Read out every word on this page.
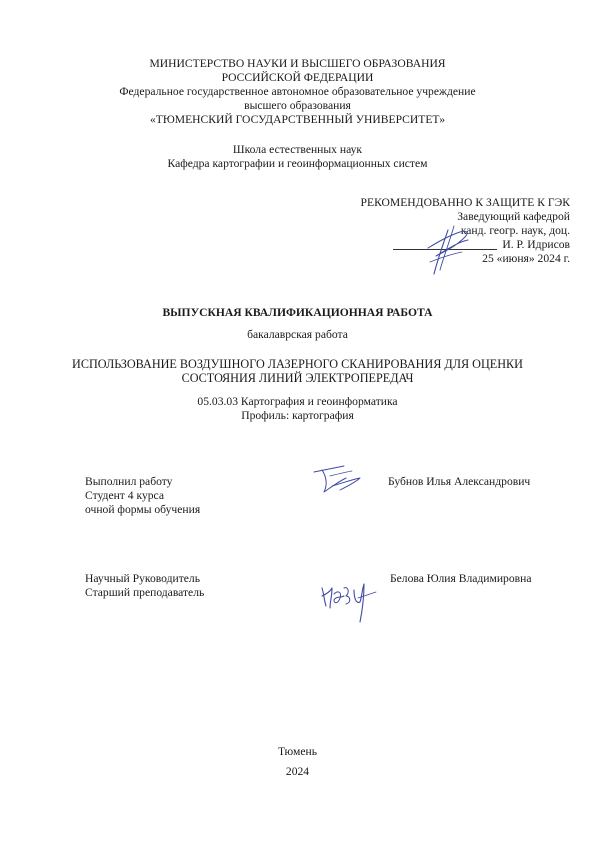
МИНИСТЕРСТВО НАУКИ И ВЫСШЕГО ОБРАЗОВАНИЯ
РОССИЙСКОЙ ФЕДЕРАЦИИ
Федеральное государственное автономное образовательное учреждение
высшего образования
«ТЮМЕНСКИЙ ГОСУДАРСТВЕННЫЙ УНИВЕРСИТЕТ»
Школа естественных наук
Кафедра картографии и геоинформационных систем
РЕКОМЕНДОВАННО К ЗАЩИТЕ К ГЭК
Заведующий кафедрой
канд. геогр. наук, доц.
И. Р. Идрисов
25 «июня» 2024 г.
ВЫПУСКНАЯ КВАЛИФИКАЦИОННАЯ РАБОТА
бакалаврская работа
ИСПОЛЬЗОВАНИЕ ВОЗДУШНОГО ЛАЗЕРНОГО СКАНИРОВАНИЯ ДЛЯ ОЦЕНКИ
СОСТОЯНИЯ ЛИНИЙ ЭЛЕКТРОПЕРЕДАЧ
05.03.03 Картография и геоинформатика
Профиль: картография
Выполнил работу
Студент 4 курса
очной формы обучения
Бубнов Илья Александрович
Научный Руководитель
Старший преподаватель
Белова Юлия Владимировна
Тюмень
2024
